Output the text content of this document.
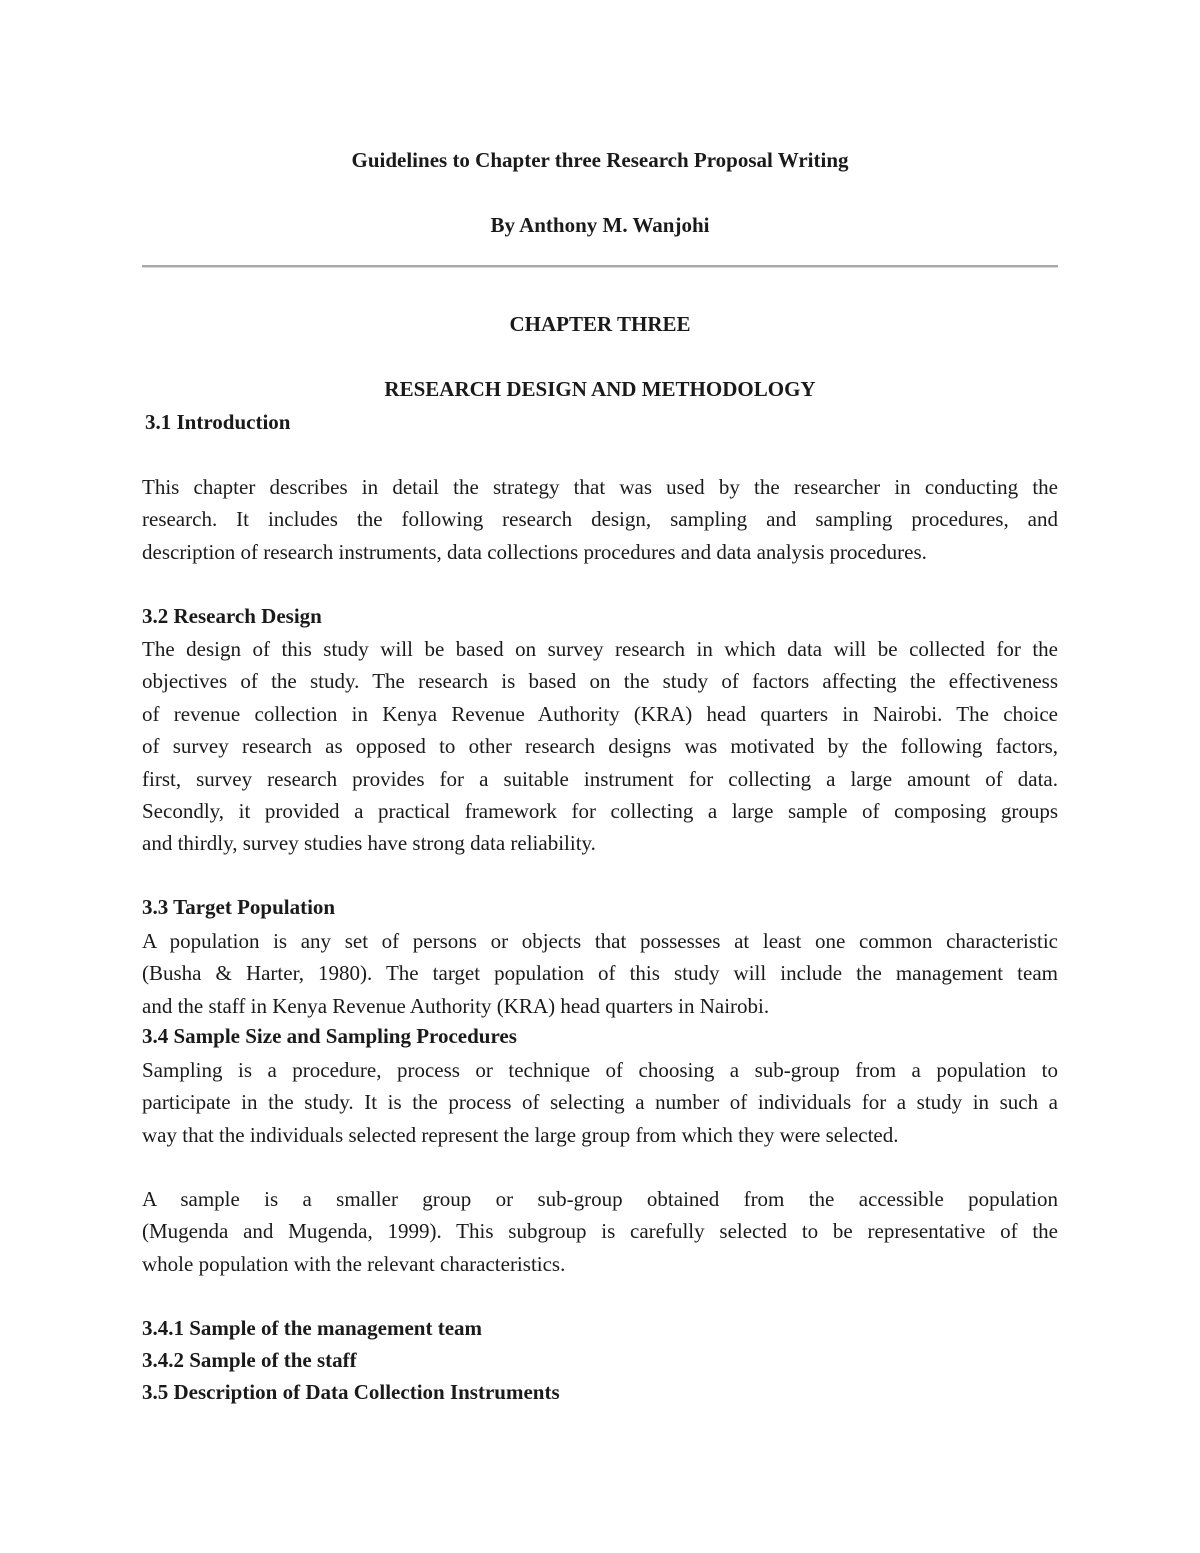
Guidelines to Chapter three Research Proposal Writing

By Anthony M. Wanjohi

CHAPTER THREE

RESEARCH DESIGN AND METHODOLOGY

3.1 Introduction

This chapter describes in detail the strategy that was used by the researcher in conducting the
research. It includes the following research design, sampling and sampling procedures, and
description of research instruments, data collections procedures and data analysis procedures.

3.2 Research Design

The design of this study will be based on survey research in which data will be collected for the
objectives of the study. The research is based on the study of factors affecting the effectiveness
of revenue collection in Kenya Revenue Authority (KRA) head quarters in Nairobi. The choice
of survey research as opposed to other research designs was motivated by the following factors,
first, survey research provides for a suitable instrument for collecting a large amount of data.
Secondly, it provided a practical framework for collecting a large sample of composing groups
and thirdly, survey studies have strong data reliability.

3.3 Target Population

A population is any set of persons or objects that possesses at least one common characteristic
(Busha & Harter, 1980). The target population of this study will include the management team
and the staff in Kenya Revenue Authority (KRA) head quarters in Nairobi.

3.4 Sample Size and Sampling Procedures

Sampling is a procedure, process or technique of choosing a sub-group from a population to
participate in the study. It is the process of selecting a number of individuals for a study in such a
way that the individuals selected represent the large group from which they were selected.
A sample is a smaller group or sub-group obtained from the accessible population
(Mugenda and Mugenda, 1999). This subgroup is carefully selected to be representative of the
whole population with the relevant characteristics.

3.4.1 Sample of the management team

3.4.2 Sample of the staff

3.5 Description of Data Collection Instruments
